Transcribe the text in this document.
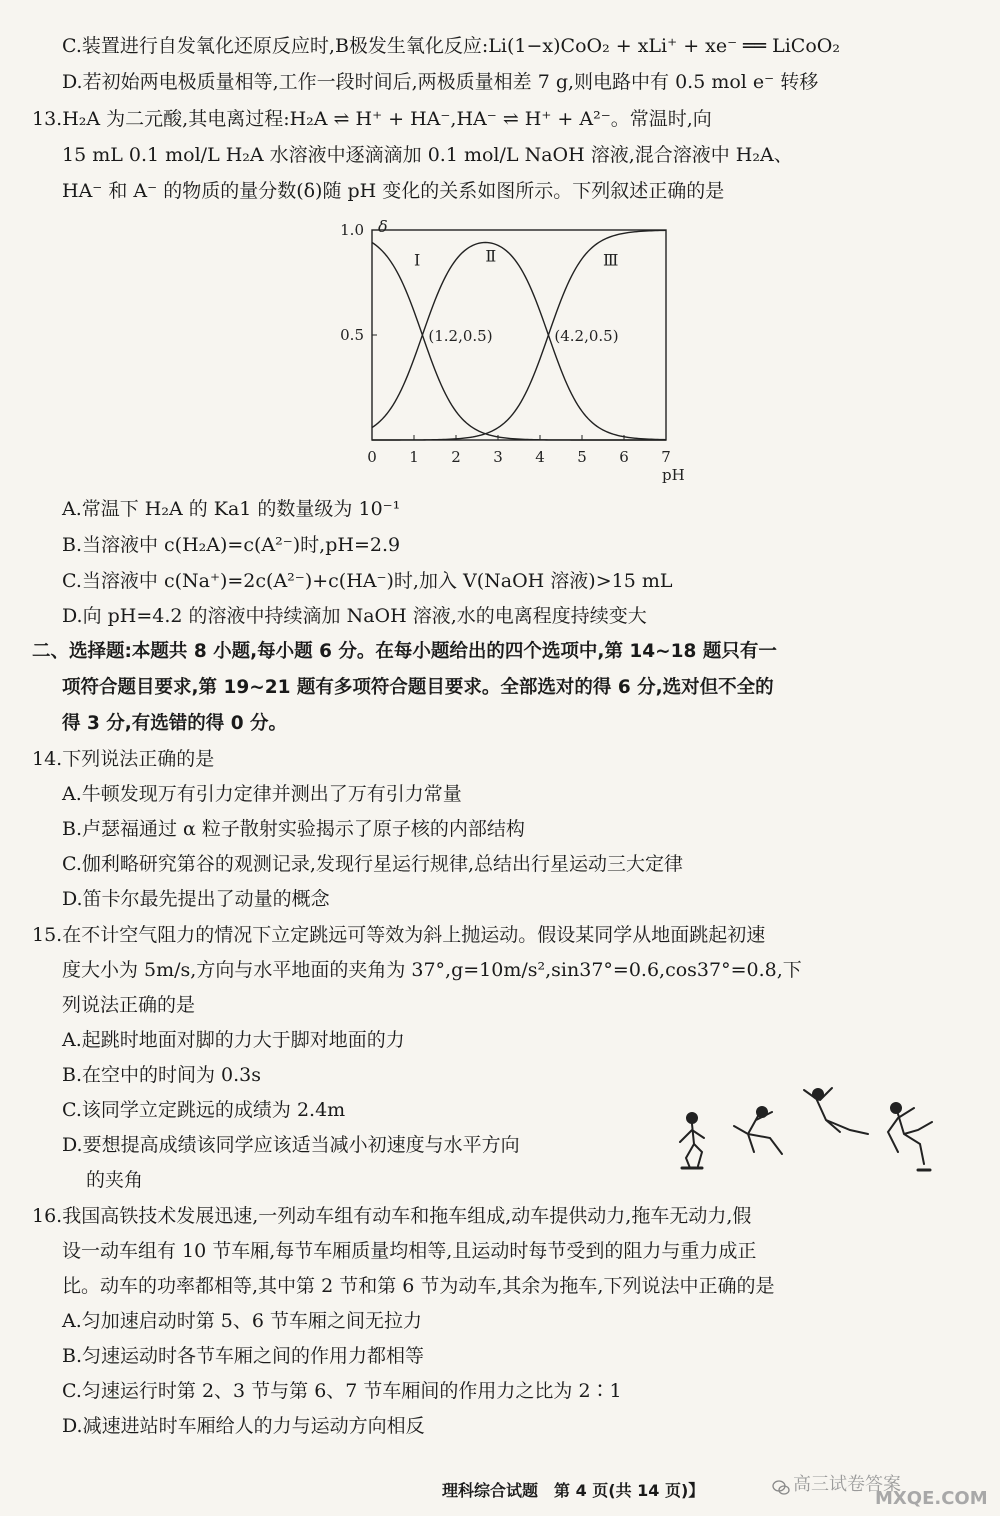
C.装置进行自发氧化还原反应时,B极发生氧化反应:Li(1−x)CoO₂ + xLi⁺ + xe⁻ ══ LiCoO₂
D.若初始两电极质量相等,工作一段时间后,两极质量相差 7 g,则电路中有 0.5 mol e⁻ 转移
13.H₂A 为二元酸,其电离过程:H₂A ⇌ H⁺ + HA⁻,HA⁻ ⇌ H⁺ + A²⁻。常温时,向
15 mL 0.1 mol/L H₂A 水溶液中逐滴滴加 0.1 mol/L NaOH 溶液,混合溶液中 H₂A、
HA⁻ 和 A⁻ 的物质的量分数(δ)随 pH 变化的关系如图所示。下列叙述正确的是
0 1 2 3 4 5 6 7
1.0
0.5
δ
pH
Ⅰ	Ⅱ	Ⅲ
(1.2,0.5)	(4.2,0.5)
A.常温下 H₂A 的 Ka1 的数量级为 10⁻¹
B.当溶液中 c(H₂A)=c(A²⁻)时,pH=2.9
C.当溶液中 c(Na⁺)=2c(A²⁻)+c(HA⁻)时,加入 V(NaOH 溶液)>15 mL
D.向 pH=4.2 的溶液中持续滴加 NaOH 溶液,水的电离程度持续变大
二、选择题:本题共 8 小题,每小题 6 分。在每小题给出的四个选项中,第 14~18 题只有一
项符合题目要求,第 19~21 题有多项符合题目要求。全部选对的得 6 分,选对但不全的
得 3 分,有选错的得 0 分。
14.下列说法正确的是
A.牛顿发现万有引力定律并测出了万有引力常量
B.卢瑟福通过 α 粒子散射实验揭示了原子核的内部结构
C.伽利略研究第谷的观测记录,发现行星运行规律,总结出行星运动三大定律
D.笛卡尔最先提出了动量的概念
15.在不计空气阻力的情况下立定跳远可等效为斜上抛运动。假设某同学从地面跳起初速
度大小为 5m/s,方向与水平地面的夹角为 37°,g=10m/s²,sin37°=0.6,cos37°=0.8,下
列说法正确的是
A.起跳时地面对脚的力大于脚对地面的力
B.在空中的时间为 0.3s
C.该同学立定跳远的成绩为 2.4m
D.要想提高成绩该同学应该适当减小初速度与水平方向
的夹角
16.我国高铁技术发展迅速,一列动车组有动车和拖车组成,动车提供动力,拖车无动力,假
设一动车组有 10 节车厢,每节车厢质量均相等,且运动时每节受到的阻力与重力成正
比。动车的功率都相等,其中第 2 节和第 6 节为动车,其余为拖车,下列说法中正确的是
A.匀加速启动时第 5、6 节车厢之间无拉力
B.匀速运动时各节车厢之间的作用力都相等
C.匀速运行时第 2、3 节与第 6、7 节车厢间的作用力之比为 2∶1
D.减速进站时车厢给人的力与运动方向相反
理科综合试题　第 4 页(共 14 页)】	高三试卷答案
MXQE.COM
